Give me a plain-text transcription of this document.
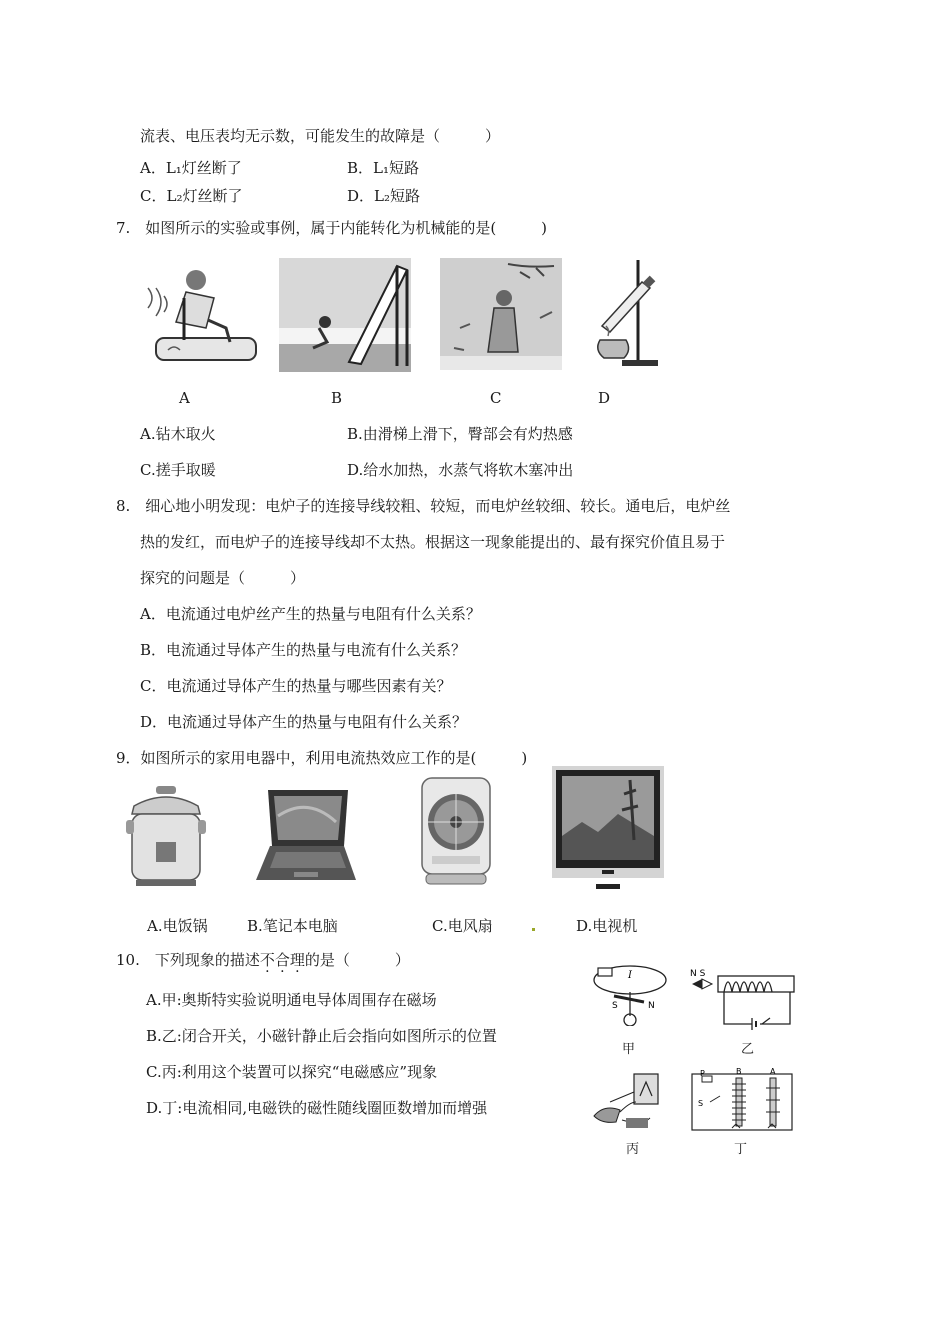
流表、电压表均无示数，可能发生的故障是（　　　）
A．L₁灯丝断了	B．L₁短路
C．L₂灯丝断了	D．L₂短路
7.　如图所示的实验或事例，属于内能转化为机械能的是(　　　)
A	B	C	D
A.钻木取火	B.由滑梯上滑下，臀部会有灼热感
C.搓手取暖	D.给水加热，水蒸气将软木塞冲出
8.　细心地小明发现：电炉子的连接导线较粗、较短，而电炉丝较细、较长。通电后，电炉丝
热的发红，而电炉子的连接导线却不太热。根据这一现象能提出的、最有探究价值且易于
探究的问题是（　　　）
A．电流通过电炉丝产生的热量与电阻有什么关系？
B．电流通过导体产生的热量与电流有什么关系？
C．电流通过导体产生的热量与哪些因素有关？
D．电流通过导体产生的热量与电阻有什么关系？
9．如图所示的家用电器中，利用电流热效应工作的是(　　　)
A.电饭锅	B.笔记本电脑	C.电风扇	D.电视机
10.　下列现象的描述不合理的是（　　　）
A.甲:奥斯特实验说明通电导体周围存在磁场
B.乙:闭合开关，小磁针静止后会指向如图所示的位置
C.丙:利用这个装置可以探究“电磁感应”现象
D.丁:电流相同,电磁铁的磁性随线圈匝数增加而增强
I
S	N
甲
N S
乙
丙
P
S
B	A
丁
